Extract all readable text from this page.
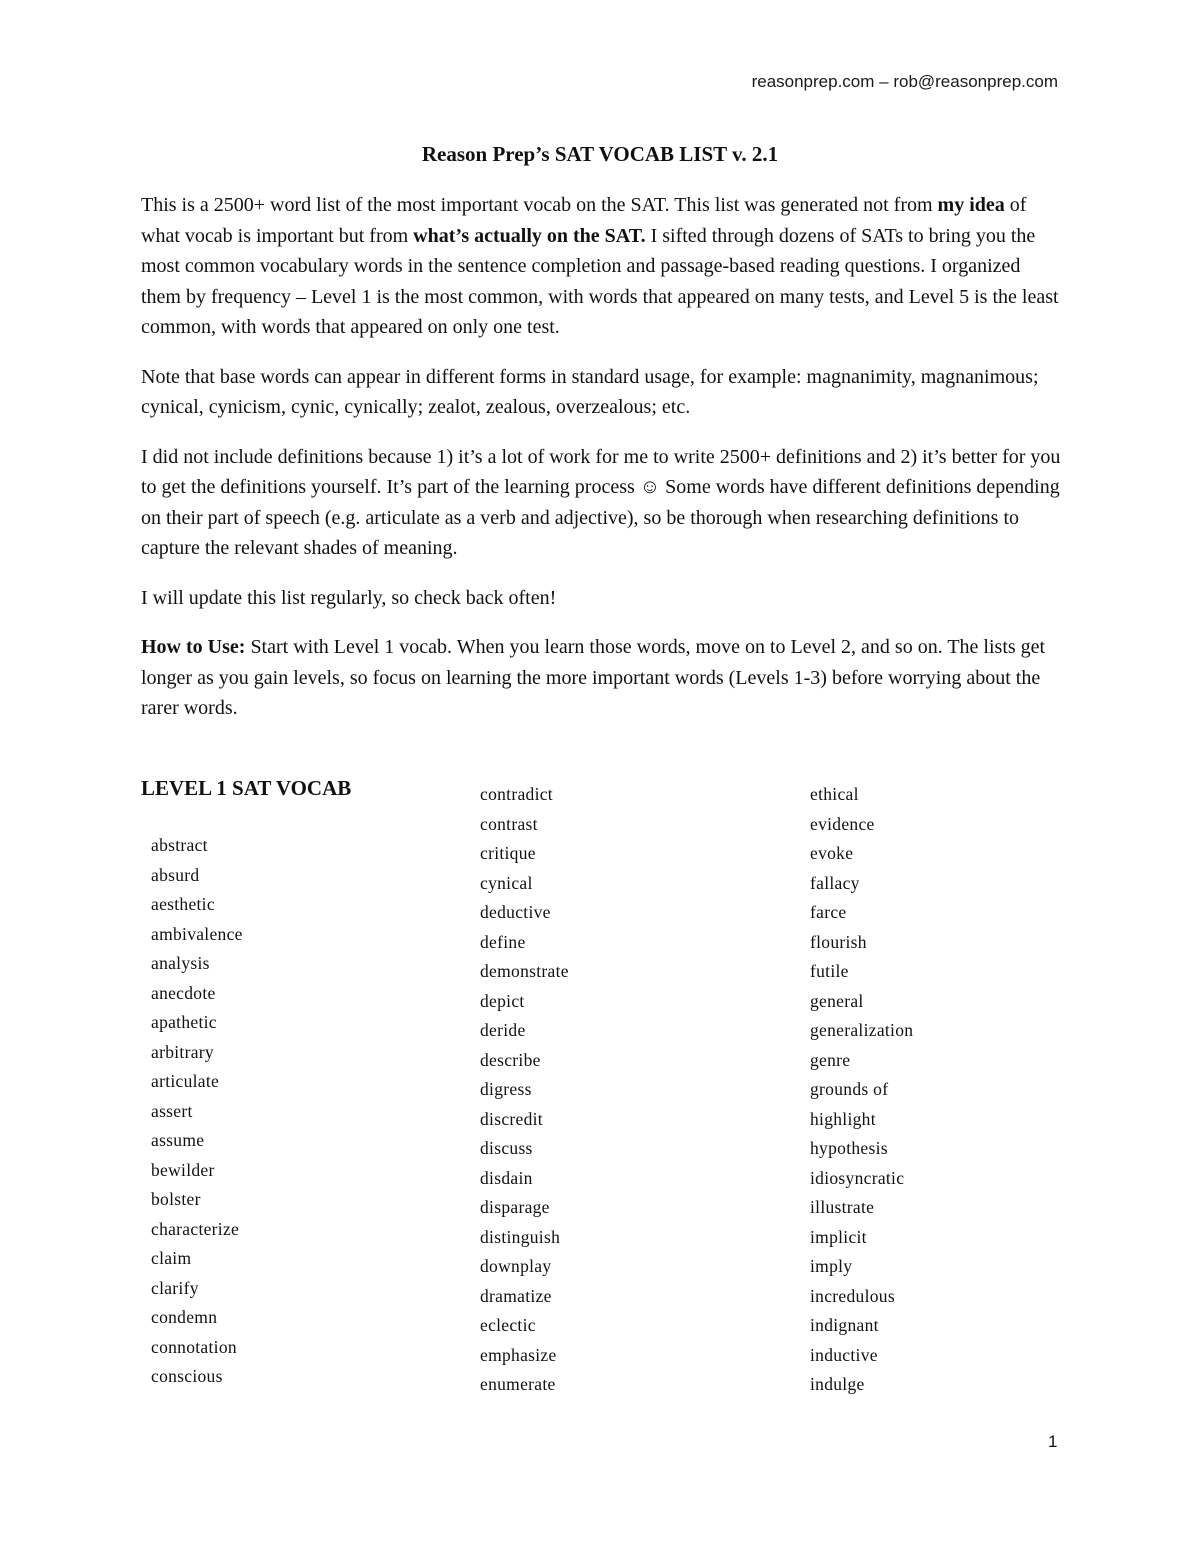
reasonprep.com – rob@reasonprep.com
Reason Prep’s SAT VOCAB LIST v. 2.1

This is a 2500+ word list of the most important vocab on the SAT. This list was generated not from my idea of what vocab is important but from what’s actually on the SAT. I sifted through dozens of SATs to bring you the most common vocabulary words in the sentence completion and passage-based reading questions. I organized them by frequency – Level 1 is the most common, with words that appeared on many tests, and Level 5 is the least common, with words that appeared on only one test.

Note that base words can appear in different forms in standard usage, for example: magnanimity, magnanimous; cynical, cynicism, cynic, cynically; zealot, zealous, overzealous; etc.

I did not include definitions because 1) it’s a lot of work for me to write 2500+ definitions and 2) it’s better for you to get the definitions yourself. It’s part of the learning process ☺ Some words have different definitions depending on their part of speech (e.g. articulate as a verb and adjective), so be thorough when researching definitions to capture the relevant shades of meaning.

I will update this list regularly, so check back often!

How to Use: Start with Level 1 vocab. When you learn those words, move on to Level 2, and so on. The lists get longer as you gain levels, so focus on learning the more important words (Levels 1-3) before worrying about the rarer words.

LEVEL 1 SAT VOCAB
abstract
absurd
aesthetic
ambivalence
analysis
anecdote
apathetic
arbitrary
articulate
assert
assume
bewilder
bolster
characterize
claim
clarify
condemn
connotation
conscious
contradict
contrast
critique
cynical
deductive
define
demonstrate
depict
deride
describe
digress
discredit
discuss
disdain
disparage
distinguish
downplay
dramatize
eclectic
emphasize
enumerate
ethical
evidence
evoke
fallacy
farce
flourish
futile
general
generalization
genre
grounds of
highlight
hypothesis
idiosyncratic
illustrate
implicit
imply
incredulous
indignant
inductive
indulge
1
